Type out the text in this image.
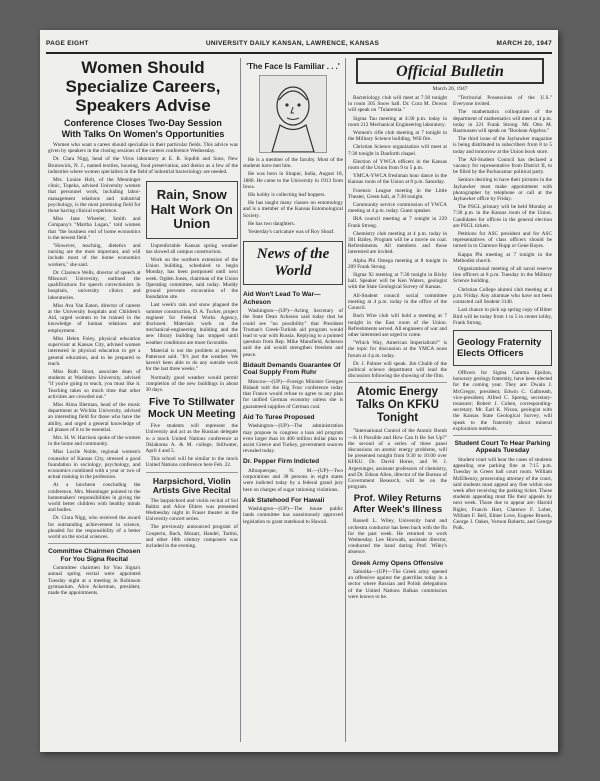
PAGE EIGHT	UNIVERSITY DAILY KANSAN, LAWRENCE, KANSAS	MARCH 20, 1947
Women Should Specialize Careers, Speakers Advise
Conference Closes Two-Day Session With Talks On Women's Opportunities

Women who want a career should specialize in their particular fields. This advice was given by speakers in the closing sessions of the careers conference Wednesday.

Dr. Clara Nigg, head of the Virus laboratory at E. R. Squibb and Sons, New Brunswick, N. J., named textiles, housing, food preservation, and dietics as a few of the industries where women specialists in the field of industrial bacteriology are needed.

Mrs. Louise Holt, of the Menninger clinic, Topeka, advised University women that personnel work, including labor-management relations and industrial psychology, is the most promising field for those having clinical experience.

Miss Jane Wheeler, Smith and Company's "Martha Logan," told women that "the business end of home economics is the newest field."

"However, teaching, dietetics and nursing are the most important, and will include most of the home economics workers," she said.

Dr. Clarence Wells, director of speech at Missouri University, outlined the qualifications for speech correctionists in hospitals, university clinics and laboratories.

Miss Ava Van Eaton, director of careers at the University hospitals and Children's Aid, urged women to be trained in the knowledge of human relations and employment.

Miss Helen Foley, physical education supervisor at Kansas City, advised women interested in physical education to get a general education, and to be prepared to teach.

Miss Ruth Stout, associate dean of students at Washburn University, advised "if you're going to teach, you must like it. Teaching takes so much time that other activities are crowded out."

Miss Alma Illerman, head of the music department at Wichita University, advised an interesting field for those who have the ability, and urged a general knowledge of all phases of it to be essential.

Mrs. H. W. Harrison spoke of the women in the home and community.

Miss Lucile Noble, regional women's counselor of Kansas City, stressed a good foundation in sociology, psychology, and economics combined with a year or two of actual training in the profession.

At a luncheon concluding the conference, Mrs. Menninger pointed to the homemakers' responsibilities in giving the world better children with healthy minds and bodies.

Dr. Clara Nigg, who received the award for outstanding achievement in science, pleaded for the responsibility of a better world on the social sciences.

Committee Chairmen Chosen For You Signa Recital

Committee chairmen for You Signa's annual spring recital were appointed Tuesday night at a meeting in Robinson gymnasium. Alice Ackerman, president, made the appointments.

Rain, Snow Halt Work On Union

Unpredictable Kansas spring weather has slowed all campus construction.

Work on the northern extension of the Union building, scheduled to begin Monday, has been postponed until next week. Ogden Jones, chairman of the Union Operating committee, said today. Muddy ground prevents excavation of the foundation site.

Last week's rain and snow plagued the summer construction, D. A. Tucker, project engineer for Federal Works Agency, disclosed. Materials work on the mechanical-engineering building and the new library building has stopped until weather conditions are more favorable.

Material is not the problem at present, Patterson said. "It's just the weather. We haven't been able to do any outside work for the last three weeks."

Normally good weather would permit completion of the new buildings in about 30 days.

Five To Stillwater Mock UN Meeting

Five students will represent the University and act as the Russian delegate to a mock United Nations conference at Oklahoma A. & M. college, Stillwater, April 4 and 5.

This school will be similar to the mock United Nations conference here Feb. 22.

Harpsichord, Violin Artists Give Recital

The harpsichord and violin recital of Sol Babitz and Alice Ehlers was presented Wednesday night in Fraser theater as the University concert series.

The previously announced program of Couperin, Bach, Mozart, Handel, Tartini, and other 18th century composers was included in the evening.

'The Face Is Familiar . . .'

He is a member of the faculty. Most of the students have met him.

He was born in Sitapur, India, August 18, 1888. He came to the University in 1913 from Iowa.

His hobby is collecting leaf hoppers.

He has taught many classes on entomology and is a member of the Kansas Entomological Society.

He has two daughters.

Yesterday's caricature was of Roy Shoaf.

News of the World
Aid Won't Lead To War—Acheson

Washington—(UP)—Acting Secretary of the State Dean Acheson said today that he could see "no possibility" that President Truman's Greek-Turkish aid program would lead to war with Russia. Replying to a pointed question from Rep. Mike Mansfield, Acheson said the aid would strengthen freedom and peace.

Bidault Demands Guarantee Of Coal Supply From Ruhr

Moscow—(UP)—Foreign Minister Georges Bidault told the Big Four conference today that France would refuse to agree to any plan for unified German economy unless she is guaranteed supplies of German coal.

Aid To Turee Proposed

Washington—(UP)—The administration may propose to congress a loan aid program even larger than its 400 million dollar plan to assist Greece and Turkey, government sources revealed today.

Dr. Pepper Firm Indicted

Albuquerque, N. M.—(UP)—Two corporations and 38 persons in eight states were indicted today by a federal grand jury here on charges of sugar rationing violations.

Ask Statehood For Hawaii

Washington—(UP)—The house public lands committee has unanimously approved legislation to grant statehood to Hawaii.

Official Bulletin
March 20, 1947

Bacteriology club will meet at 7:30 tonight in room 305 Snow hall. Dr. Cora M. Downs will speak on "Tularemia."

Sigma Tau meeting at 4:30 p.m. today in room 212 Mechanical Engineering laboratory.

Women's rifle club meeting at 7 tonight in the Military Science building. Will fire.

Christian Science organization will meet at 7:30 tonight in Danforth chapel.

Election of YWCA officers in the Kansas room of the Union from 9 to 5 p.m.

YMCA-YWCA freshman hour dance in the Kansas room of the Union at 8 p.m. Saturday.

Forensic League meeting in the Little Theater, Green hall, at 7:30 tonight.

Community service commission of YWCA meeting at 4 p.m. today. Guest speaker.

IRA council meeting at 7 tonight in 229 Frank Strong.

Chemistry club meeting at 4 p.m. today in 301 Bailey. Program will be a movie on coal. Refreshments. All members and those interested are invited.

Alpha Phi Omega meeting at 8 tonight in 209 Frank Strong.

Sigma Xi meeting at 7:30 tonight in Bixby hall. Speaker will be Ken Waters, geologist with the State Geological Survey of Kansas.

All-Student council social committee meeting at 4 p.m. today in the office of the Council.

Bach Wire club will hold a meeting at 7 tonight in the East room of the Union. Refreshments served. All engineers of war and other interested are urged to come.

"Which Way, American Imperialism?" is the topic for discussion at the YMCA noon forum at 4 p.m. today.

Dr. J. Palmer will speak. Jim Chubb of the political science department will lead the discussion following the showing of the film.

Atomic Energy Talks On KFKU Tonight

"International Control of the Atomic Bomb—Is It Possible and How Can It Be Set Up?" the second of a series of three panel discussions on atomic energy problems, will be presented tonight from 9:30 to 10:00 over KFKU. Dr. David Horne, and W. J. Argersinger, assistant professors of chemistry, and Dr. Edson Allen, director of the Bureau of Government Research, will be on the program.

Prof. Wiley Returns After Week's Illness

Russell L. Wiley, University band and orchestra conductor has been back with the flu for the past week. He returned to work Wednesday. Lee Horwath, assistant director, conducted the band during Prof. Wiley's absence.

Greek Army Opens Offensive

Salonika—(UP)—The Greek army opened an offensive against the guerrillas today in a sector where Russian and Polish delegations of the United Nations Balkan commission were known to be.

"Territorial Possessions of the U.S." Everyone invited.

The mathematics colloquium of the department of mathematics will meet at 4 p.m. today in 221 Frank Strong. Mr. Otto M. Rasmussen will speak on "Boolean Algebra."

The third issue of the Jayhawker magazine is being distributed to subscribers from 8 to 5 today and tomorrow at the Union book store.

The All-Student Council has declared a vacancy for representative from District II, to be filled by the Pachacamac political party.

Seniors desiring to have their pictures in the Jayhawker must make appointment with photographer by telephone or call at the Jayhawker office by Friday.

The PSGL primary will be held Monday at 7:30 p.m. in the Kansas room of the Union. Candidates for offices in the general election are PSGL tickets.

Petitions for ASC president and for ASC representatives of class officers should be turned in to Clarence Rupp or Gene Bayes.

Kappa Phi meeting at 7 tonight in the Methodist church.

Organizational meeting of all naval reserve line officers at 8 p.m. Tuesday in the Military Science building.

Christian College alumni club meeting at 4 p.m. Friday. Any alumnae who have not been contacted call Student 3140.

Last chance to pick up spring copy of Bitter Bird will be today from 1 to 5 in center lobby, Frank Strong.

Geology Fraternity Elects Officers

Officers for Sigma Gamma Epsilon, honorary geology fraternity, have been elected for the coming year. They are: Dwain J. McGregor, president; Edwin C. Galbreath, vice-president; Alfred C. Spreng, secretary-treasurer; Robert J. Cohen, corresponding-secretary. Mr. Earl K. Nixon, geologist with the Kansas State Geological Survey, will speak to the fraternity about mineral exploration methods.

Student Court To Hear Parking Appeals Tuesday

Student court will hear the cases of students appealing one parking fine at 7:15 p.m. Tuesday in Green hall court room. William McElhenny, prosecuting attorney of the court, said students must appeal any fine within one week after receiving the parking ticket. Those students appealing must file their appeals by next week. Those due to appear are: Harold Bigler, Francis Hart, Clarence F. Lober, William F. Bell, Elmer Love, Eugene Brueck, George J. Oakes, Vernon Roberts, and George Polk.
